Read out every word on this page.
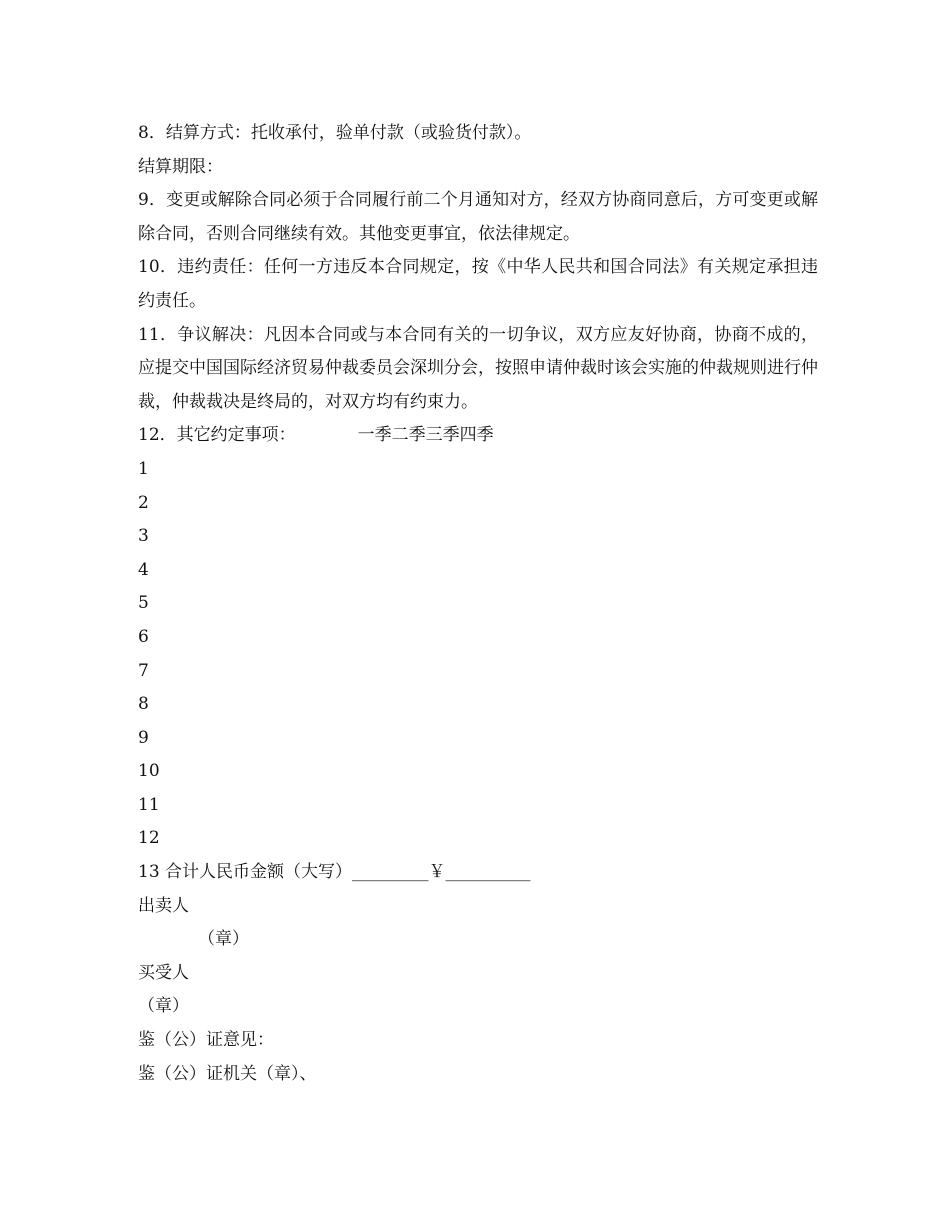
8．结算方式：托收承付，验单付款（或验货付款）。
结算期限：
9．变更或解除合同必须于合同履行前二个月通知对方，经双方协商同意后，方可变更或解除合同，否则合同继续有效。其他变更事宜，依法律规定。
10．违约责任：任何一方违反本合同规定，按《中华人民共和国合同法》有关规定承担违约责任。
11．争议解决：凡因本合同或与本合同有关的一切争议，双方应友好协商，协商不成的，应提交中国国际经济贸易仲裁委员会深圳分会，按照申请仲裁时该会实施的仲裁规则进行仲裁，仲裁裁决是终局的，对双方均有约束力。
12．其它约定事项：	一季二季三季四季
1
2
3
4
5
6
7
8
9
10
11
12
13 合计人民币金额（大写）_________￥__________
出卖人
（章）
买受人
（章）
鉴（公）证意见：
鉴（公）证机关（章）、
